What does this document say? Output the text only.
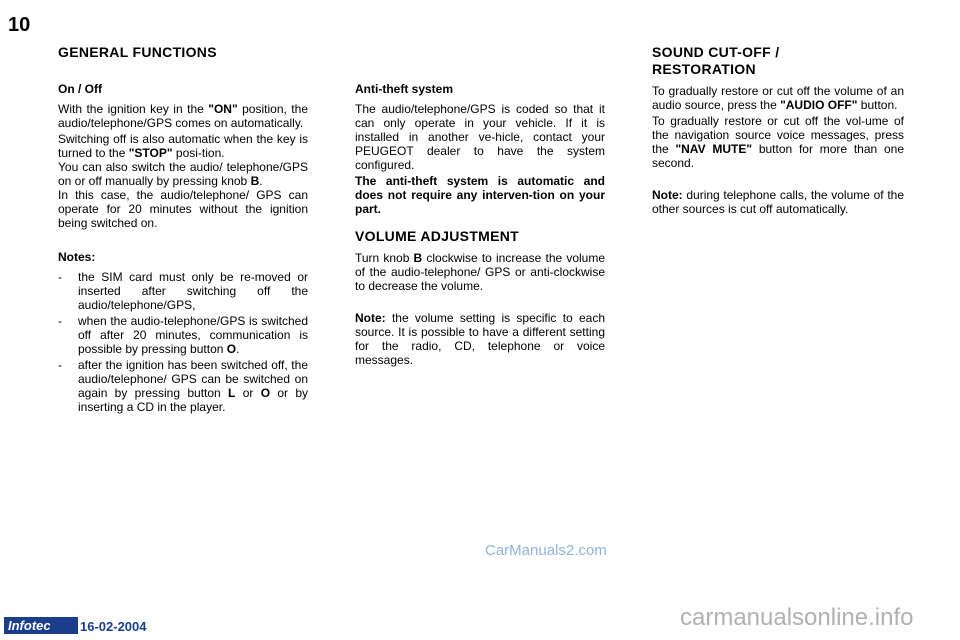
10
GENERAL FUNCTIONS
On / Off

With the ignition key in the "ON" position, the audio/telephone/GPS comes on automatically.

Switching off is also automatic when the key is turned to the "STOP" posi-tion.

You can also switch the audio/ telephone/GPS on or off manually by pressing knob B.

In this case, the audio/telephone/ GPS can operate for 20 minutes without the ignition being switched on.

Notes:
-	the SIM card must only be re-moved or inserted after switching off the audio/telephone/GPS,
-	when the audio-telephone/GPS is switched off after 20 minutes, communication is possible by pressing button O.
-	after the ignition has been switched off, the audio/telephone/ GPS can be switched on again by pressing button L or O or by inserting a CD in the player.
Anti-theft system

The audio/telephone/GPS is coded so that it can only operate in your vehicle. If it is installed in another ve-hicle, contact your PEUGEOT dealer to have the system configured.

The anti-theft system is automatic and does not require any interven-tion on your part.

VOLUME ADJUSTMENT

Turn knob B clockwise to increase the volume of the audio-telephone/ GPS or anti-clockwise to decrease the volume.

Note: the volume setting is specific to each source. It is possible to have a different setting for the radio, CD, telephone or voice messages.

SOUND CUT-OFF /
RESTORATION

To gradually restore or cut off the volume of an audio source, press the "AUDIO OFF" button.

To gradually restore or cut off the vol-ume of the navigation source voice messages, press the "NAV MUTE" button for more than one second.

Note: during telephone calls, the volume of the other sources is cut off automatically.

CarManuals2.com
Infotec 16-02-2004	carmanualsonline.info
